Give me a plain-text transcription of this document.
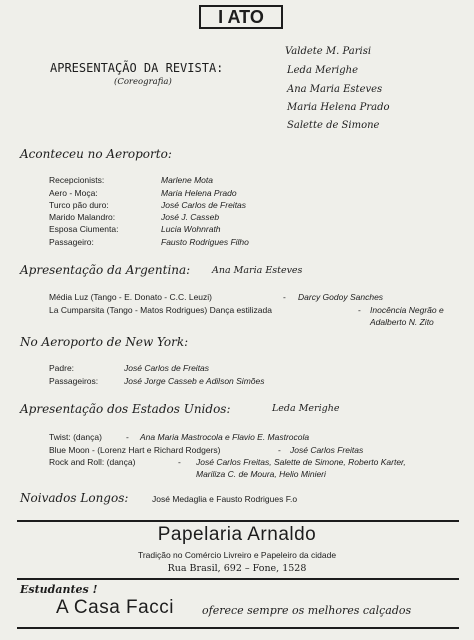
I ATO
APRESENTAÇÃO DA REVISTA:
(Coreografia)
Valdete M. Parisi
Leda Merighe
Ana Maria Esteves
Maria Helena Prado
Salette de Simone
Aconteceu no Aeroporto:
Recepcionists:	Marlene Mota
Aero - Moça:	Maria Helena Prado
Turco pão duro:	José Carlos de Freitas
Marido Malandro:	José J. Casseb
Esposa Ciumenta:	Lucia Wohnrath
Passageiro:	Fausto Rodrigues Filho
Apresentação da Argentina: Ana Maria Esteves
Média Luz (Tango - E. Donato - C.C. Leuzi)	- Darcy Godoy Sanches
La Cumparsita (Tango - Matos Rodrigues) Dança estilizada	- Inocência Negrão e
Adalberto N. Zito
No Aeroporto de New York:
Padre:	José Carlos de Freitas
Passageiros:	José Jorge Casseb e Adilson Simões
Apresentação dos Estados Unidos:	Leda Merighe
Twist: (dança)	- Ana Maria Mastrocola e Flavio E. Mastrocola
Blue Moon - (Lorenz Hart e Richard Rodgers)	- José Carlos Freitas
Rock and Roll: (dança)	- José Carlos Freitas, Salette de Simone, Roberto Karter,
Mariliza C. de Moura, Helio Minieri
Noivados Longos:	José Medaglia e Fausto Rodrigues F.o
Papelaria Arnaldo
Tradição no Comércio Livreiro e Papeleiro da cidade
Rua Brasil, 692 – Fone, 1528
Estudantes !
A Casa Facci	oferece sempre os melhores calçados
